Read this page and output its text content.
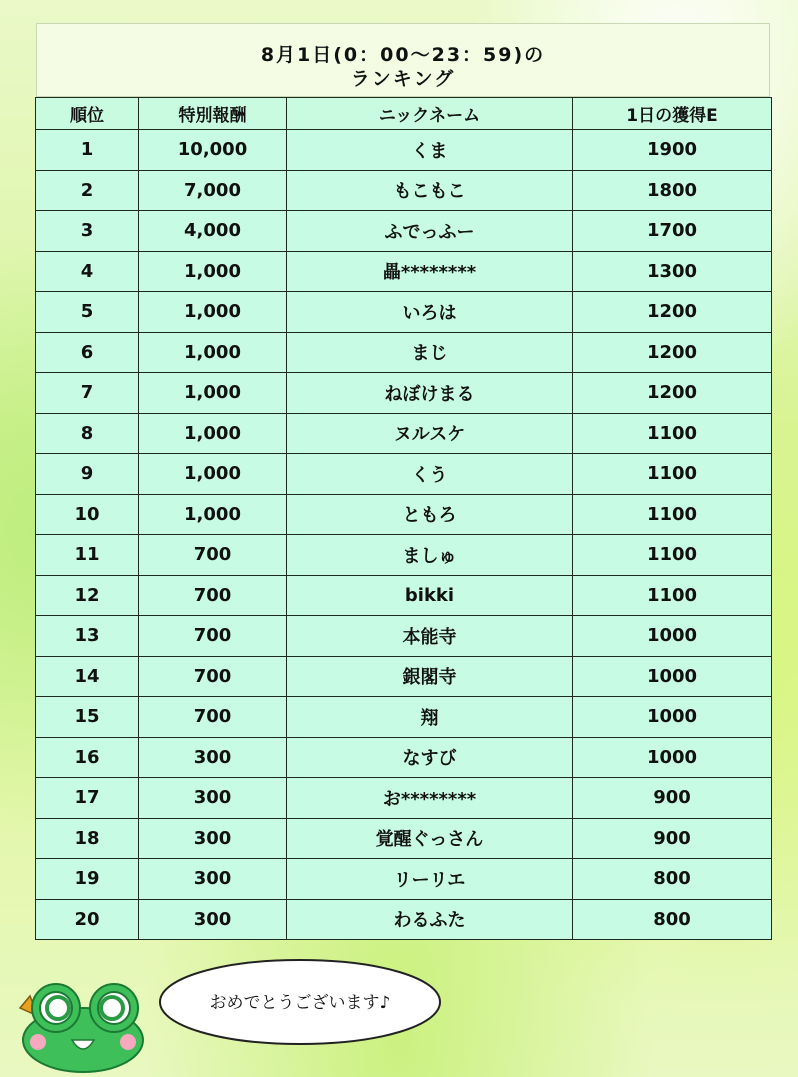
8月1日(0：00～23：59)の
ランキング
順位	特別報酬	ニックネーム	1日の獲得E
1	10,000	くま	1900
2	7,000	もこもこ	1800
3	4,000	ふでっふー	1700
4	1,000	畾********	1300
5	1,000	いろは	1200
6	1,000	まじ	1200
7	1,000	ねぼけまる	1200
8	1,000	ヌルスケ	1100
9	1,000	くう	1100
10	1,000	ともろ	1100
11	700	ましゅ	1100
12	700	bikki	1100
13	700	本能寺	1000
14	700	銀閣寺	1000
15	700	翔	1000
16	300	なすび	1000
17	300	お********	900
18	300	覚醒ぐっさん	900
19	300	リーリエ	800
20	300	わるふた	800
おめでとうございます♪
